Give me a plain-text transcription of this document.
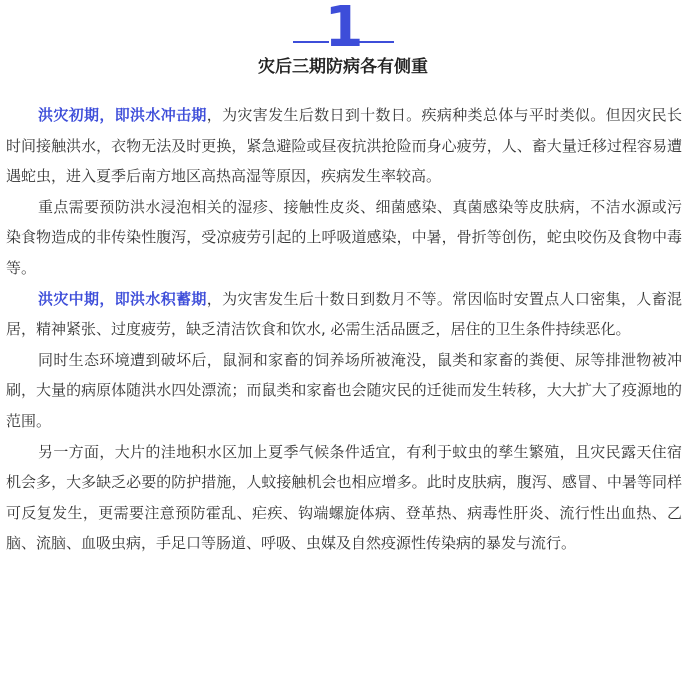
1
灾后三期防病各有侧重

洪灾初期，即洪水冲击期，为灾害发生后数日到十数日。疾病种类总体与平时类似。但因灾民长时间接触洪水，衣物无法及时更换，紧急避险或昼夜抗洪抢险而身心疲劳，人、畜大量迁移过程容易遭遇蛇虫，进入夏季后南方地区高热高湿等原因，疾病发生率较高。

重点需要预防洪水浸泡相关的湿疹、接触性皮炎、细菌感染、真菌感染等皮肤病，不洁水源或污染食物造成的非传染性腹泻，受凉疲劳引起的上呼吸道感染，中暑，骨折等创伤，蛇虫咬伤及食物中毒等。

洪灾中期，即洪水积蓄期，为灾害发生后十数日到数月不等。常因临时安置点人口密集，人畜混居，精神紧张、过度疲劳，缺乏清洁饮食和饮水, 必需生活品匮乏，居住的卫生条件持续恶化。

同时生态环境遭到破坏后，鼠洞和家畜的饲养场所被淹没，鼠类和家畜的粪便、尿等排泄物被冲刷，大量的病原体随洪水四处漂流；而鼠类和家畜也会随灾民的迁徙而发生转移，大大扩大了疫源地的范围。

另一方面，大片的洼地积水区加上夏季气候条件适宜，有利于蚊虫的孳生繁殖，且灾民露天住宿机会多，大多缺乏必要的防护措施，人蚊接触机会也相应增多。此时皮肤病，腹泻、感冒、中暑等同样可反复发生，更需要注意预防霍乱、疟疾、钩端螺旋体病、登革热、病毒性肝炎、流行性出血热、乙脑、流脑、血吸虫病，手足口等肠道、呼吸、虫媒及自然疫源性传染病的暴发与流行。
